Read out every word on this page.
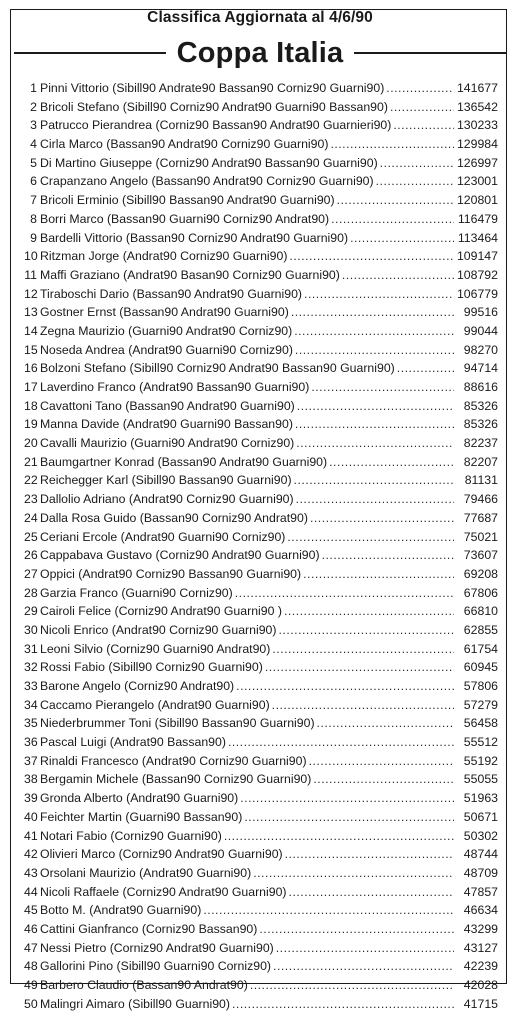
Classifica Aggiornata al 4/6/90
Coppa Italia
1 Pinni Vittorio (Sibill90 Andrate90 Bassan90 Corniz90 Guarni90) .....	141677
2 Bricoli Stefano (Sibill90 Corniz90 Andrat90 Guarni90 Bassan90) .....	136542
3 Patrucco Pierandrea (Corniz90 Bassan90 Andrat90 Guarnieri90) .....	130233
4 Cirla Marco (Bassan90 Andrat90 Corniz90 Guarni90) .....	129984
5 Di Martino Giuseppe (Corniz90 Andrat90 Bassan90 Guarni90) .....	126997
6 Crapanzano Angelo (Bassan90 Andrat90 Corniz90 Guarni90) .....	123001
7 Bricoli Erminio (Sibill90 Bassan90 Andrat90 Guarni90) .....	120801
8 Borri Marco (Bassan90 Guarni90 Corniz90 Andrat90) .....	116479
9 Bardelli Vittorio (Bassan90 Corniz90 Andrat90 Guarni90) .....	113464
10 Ritzman Jorge (Andrat90 Corniz90 Guarni90) .....	109147
11 Maffi Graziano (Andrat90 Basan90 Corniz90 Guarni90) .....	108792
12 Tiraboschi Dario (Bassan90 Andrat90 Guarni90) .....	106779
13 Gostner Ernst (Bassan90 Andrat90 Guarni90) .....	99516
14 Zegna Maurizio (Guarni90 Andrat90 Corniz90) .....	99044
15 Noseda Andrea (Andrat90 Guarni90 Corniz90) .....	98270
16 Bolzoni Stefano (Sibill90 Corniz90 Andrat90 Bassan90 Guarni90) .....	94714
17 Laverdino Franco (Andrat90 Bassan90 Guarni90) .....	88616
18 Cavattoni Tano (Bassan90 Andrat90 Guarni90) .....	85326
19 Manna Davide (Andrat90 Guarni90 Bassan90) .....	85326
20 Cavalli Maurizio (Guarni90 Andrat90 Corniz90) .....	82237
21 Baumgartner Konrad (Bassan90 Andrat90 Guarni90) .....	82207
22 Reichegger Karl (Sibill90 Bassan90 Guarni90) .....	81131
23 Dallolio Adriano (Andrat90 Corniz90 Guarni90) .....	79466
24 Dalla Rosa Guido (Bassan90 Corniz90 Andrat90) .....	77687
25 Ceriani Ercole (Andrat90 Guarni90 Corniz90) .....	75021
26 Cappabava Gustavo (Corniz90 Andrat90 Guarni90) .....	73607
27 Oppici (Andrat90 Corniz90 Bassan90 Guarni90) .....	69208
28 Garzia Franco (Guarni90 Corniz90) .....	67806
29 Cairoli Felice (Corniz90 Andrat90 Guarni90 ) .....	66810
30 Nicoli Enrico (Andrat90 Corniz90 Guarni90) .....	62855
31 Leoni Silvio (Corniz90 Guarni90 Andrat90) .....	61754
32 Rossi Fabio (Sibill90 Corniz90 Guarni90) .....	60945
33 Barone Angelo (Corniz90 Andrat90) .....	57806
34 Caccamo Pierangelo (Andrat90 Guarni90) .....	57279
35 Niederbrummer Toni (Sibill90 Bassan90 Guarni90) .....	56458
36 Pascal Luigi (Andrat90 Bassan90) .....	55512
37 Rinaldi Francesco (Andrat90 Corniz90 Guarni90) .....	55192
38 Bergamin Michele (Bassan90 Corniz90 Guarni90) .....	55055
39 Gronda Alberto (Andrat90 Guarni90) .....	51963
40 Feichter Martin (Guarni90 Bassan90) .....	50671
41 Notari Fabio (Corniz90 Guarni90) .....	50302
42 Olivieri Marco (Corniz90 Andrat90 Guarni90) .....	48744
43 Orsolani Maurizio (Andrat90 Guarni90) .....	48709
44 Nicoli Raffaele (Corniz90 Andrat90 Guarni90) .....	47857
45 Botto M. (Andrat90 Guarni90) .....	46634
46 Cattini Gianfranco (Corniz90 Bassan90) .....	43299
47 Nessi Pietro (Corniz90 Andrat90 Guarni90) .....	43127
48 Gallorini Pino (Sibill90 Guarni90 Corniz90) .....	42239
49 Barbero Claudio (Bassan90 Andrat90) .....	42028
50 Malingri Aimaro (Sibill90 Guarni90) .....	41715
